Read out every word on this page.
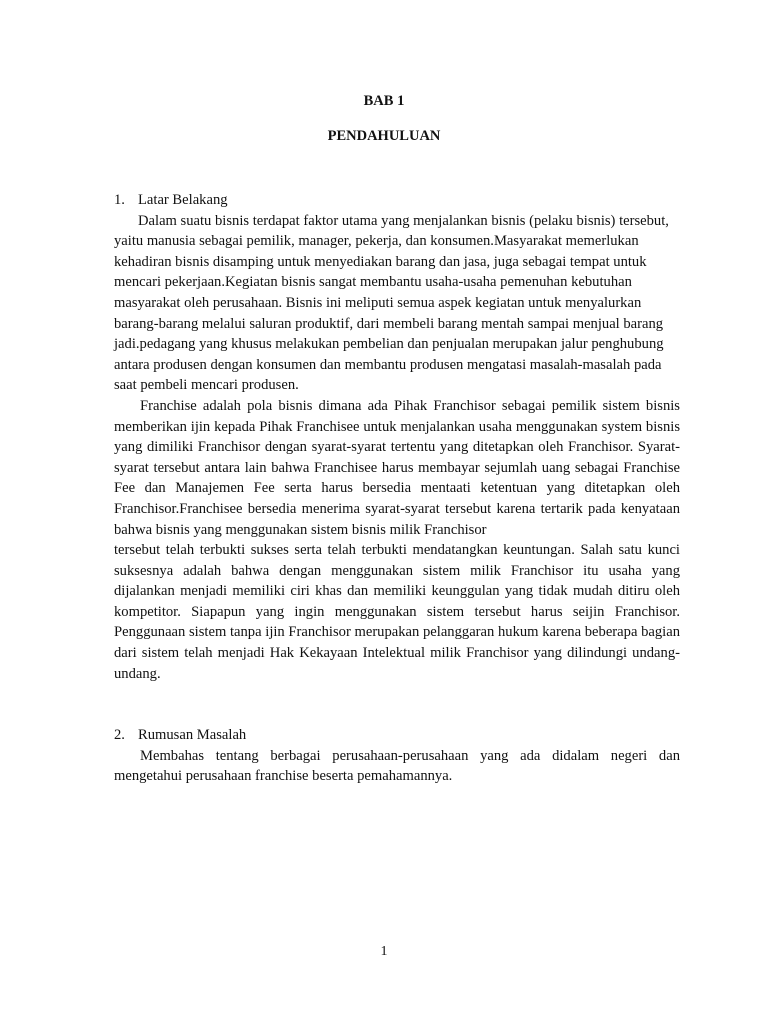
BAB 1
PENDAHULUAN
1. Latar Belakang

Dalam suatu bisnis terdapat faktor utama yang menjalankan bisnis (pelaku bisnis) tersebut, yaitu manusia sebagai pemilik, manager, pekerja, dan konsumen.Masyarakat memerlukan kehadiran bisnis disamping untuk menyediakan barang dan jasa, juga sebagai tempat untuk mencari pekerjaan.Kegiatan bisnis sangat membantu usaha-usaha pemenuhan kebutuhan masyarakat oleh perusahaan. Bisnis ini meliputi semua aspek kegiatan untuk menyalurkan barang-barang melalui saluran produktif, dari membeli barang mentah sampai menjual barang jadi.pedagang yang khusus melakukan pembelian dan penjualan merupakan jalur penghubung antara produsen dengan konsumen dan membantu produsen mengatasi masalah-masalah pada saat pembeli mencari produsen.

Franchise adalah pola bisnis dimana ada Pihak Franchisor sebagai pemilik sistem bisnis memberikan ijin kepada Pihak Franchisee untuk menjalankan usaha menggunakan system bisnis yang dimiliki Franchisor dengan syarat-syarat tertentu yang ditetapkan oleh Franchisor. Syarat-syarat tersebut antara lain bahwa Franchisee harus membayar sejumlah uang sebagai Franchise Fee dan Manajemen Fee serta harus bersedia mentaati ketentuan yang ditetapkan oleh Franchisor.Franchisee bersedia menerima syarat-syarat tersebut karena tertarik pada kenyataan bahwa bisnis yang menggunakan sistem bisnis milik Franchisor

tersebut telah terbukti sukses serta telah terbukti mendatangkan keuntungan. Salah satu kunci suksesnya adalah bahwa dengan menggunakan sistem milik Franchisor itu usaha yang dijalankan menjadi memiliki ciri khas dan memiliki keunggulan yang tidak mudah ditiru oleh kompetitor. Siapapun yang ingin menggunakan sistem tersebut harus seijin Franchisor. Penggunaan sistem tanpa ijin Franchisor merupakan pelanggaran hukum karena beberapa bagian dari sistem telah menjadi Hak Kekayaan Intelektual milik Franchisor yang dilindungi undang-undang.

2. Rumusan Masalah

Membahas tentang berbagai perusahaan-perusahaan yang ada didalam negeri dan mengetahui perusahaan franchise beserta pemahamannya.

1
